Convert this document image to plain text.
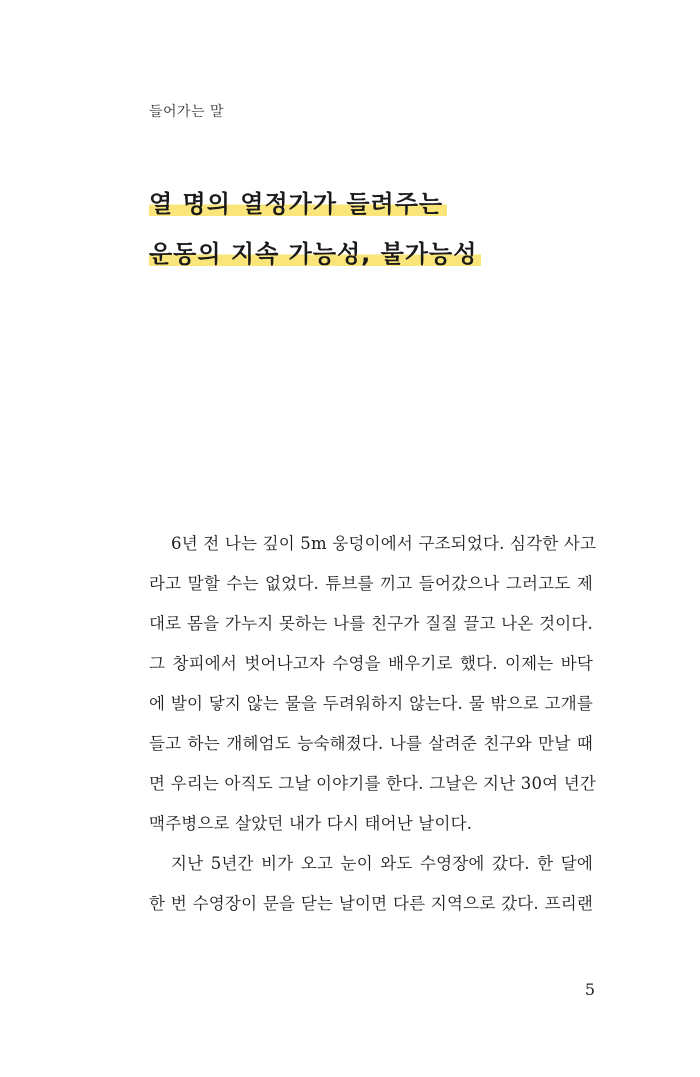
들어가는 말
열 명의 열정가가 들려주는
운동의 지속 가능성, 불가능성
6년 전 나는 깊이 5m 웅덩이에서 구조되었다. 심각한 사고
라고 말할 수는 없었다. 튜브를 끼고 들어갔으나 그러고도 제
대로 몸을 가누지 못하는 나를 친구가 질질 끌고 나온 것이다.
그 창피에서 벗어나고자 수영을 배우기로 했다. 이제는 바닥
에 발이 닿지 않는 물을 두려워하지 않는다. 물 밖으로 고개를
들고 하는 개헤엄도 능숙해졌다. 나를 살려준 친구와 만날 때
면 우리는 아직도 그날 이야기를 한다. 그날은 지난 30여 년간
맥주병으로 살았던 내가 다시 태어난 날이다.
지난 5년간 비가 오고 눈이 와도 수영장에 갔다. 한 달에
한 번 수영장이 문을 닫는 날이면 다른 지역으로 갔다. 프리랜
5
